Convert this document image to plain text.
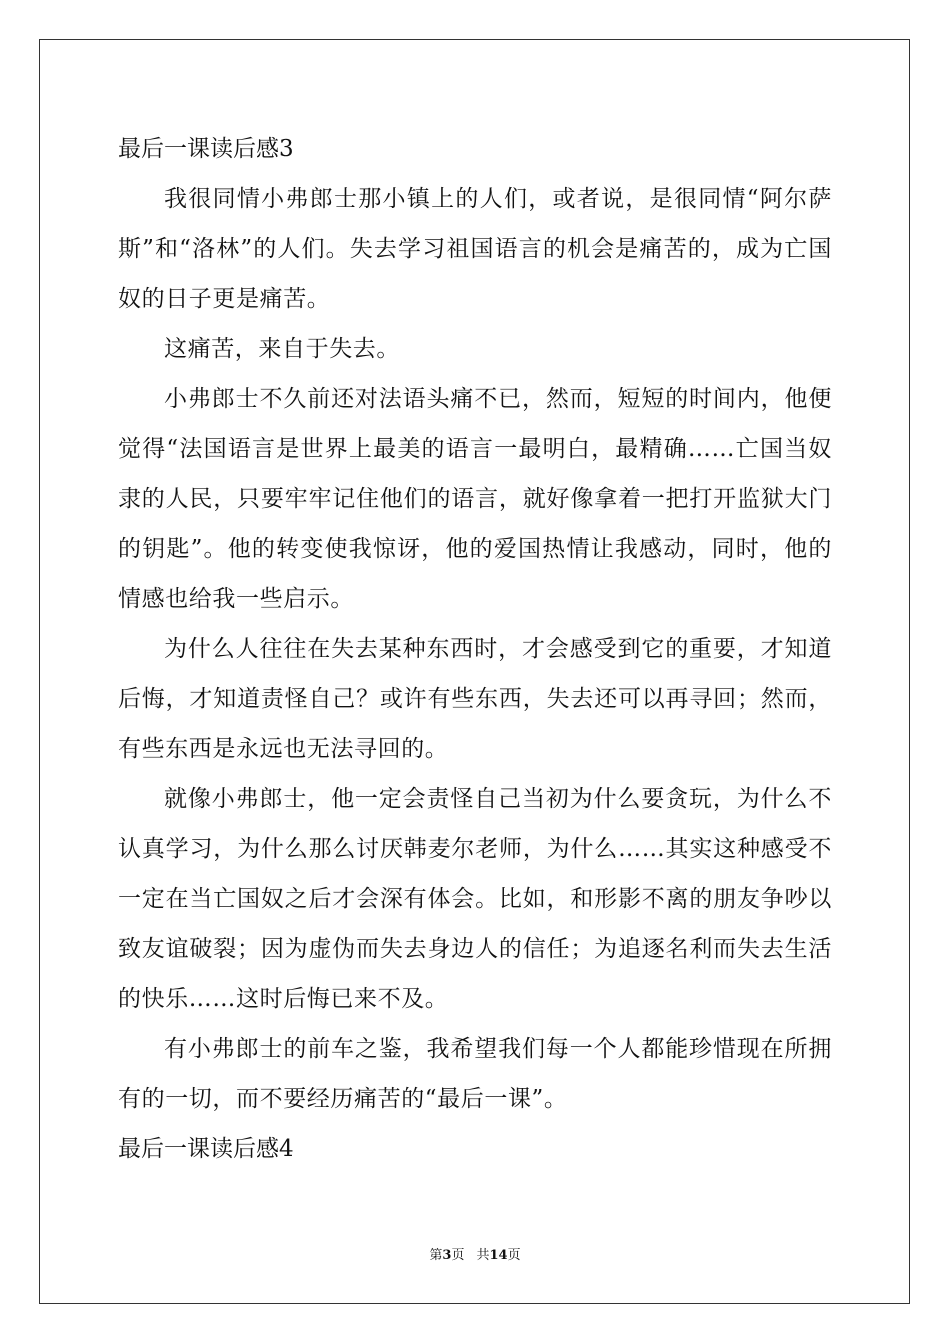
最后一课读后感3

我很同情小弗郎士那小镇上的人们，或者说，是很同情“阿尔萨斯”和“洛林”的人们。失去学习祖国语言的机会是痛苦的，成为亡国奴的日子更是痛苦。

这痛苦，来自于失去。

小弗郎士不久前还对法语头痛不已，然而，短短的时间内，他便觉得“法国语言是世界上最美的语言一最明白，最精确……亡国当奴隶的人民，只要牢牢记住他们的语言，就好像拿着一把打开监狱大门的钥匙”。他的转变使我惊讶，他的爱国热情让我感动，同时，他的情感也给我一些启示。

为什么人往往在失去某种东西时，才会感受到它的重要，才知道后悔，才知道责怪自己？或许有些东西，失去还可以再寻回；然而，有些东西是永远也无法寻回的。

就像小弗郎士，他一定会责怪自己当初为什么要贪玩，为什么不认真学习，为什么那么讨厌韩麦尔老师，为什么……其实这种感受不一定在当亡国奴之后才会深有体会。比如，和形影不离的朋友争吵以致友谊破裂；因为虚伪而失去身边人的信任；为追逐名利而失去生活的快乐……这时后悔已来不及。

有小弗郎士的前车之鉴，我希望我们每一个人都能珍惜现在所拥有的一切，而不要经历痛苦的“最后一课”。

最后一课读后感4
第3页 共14页
